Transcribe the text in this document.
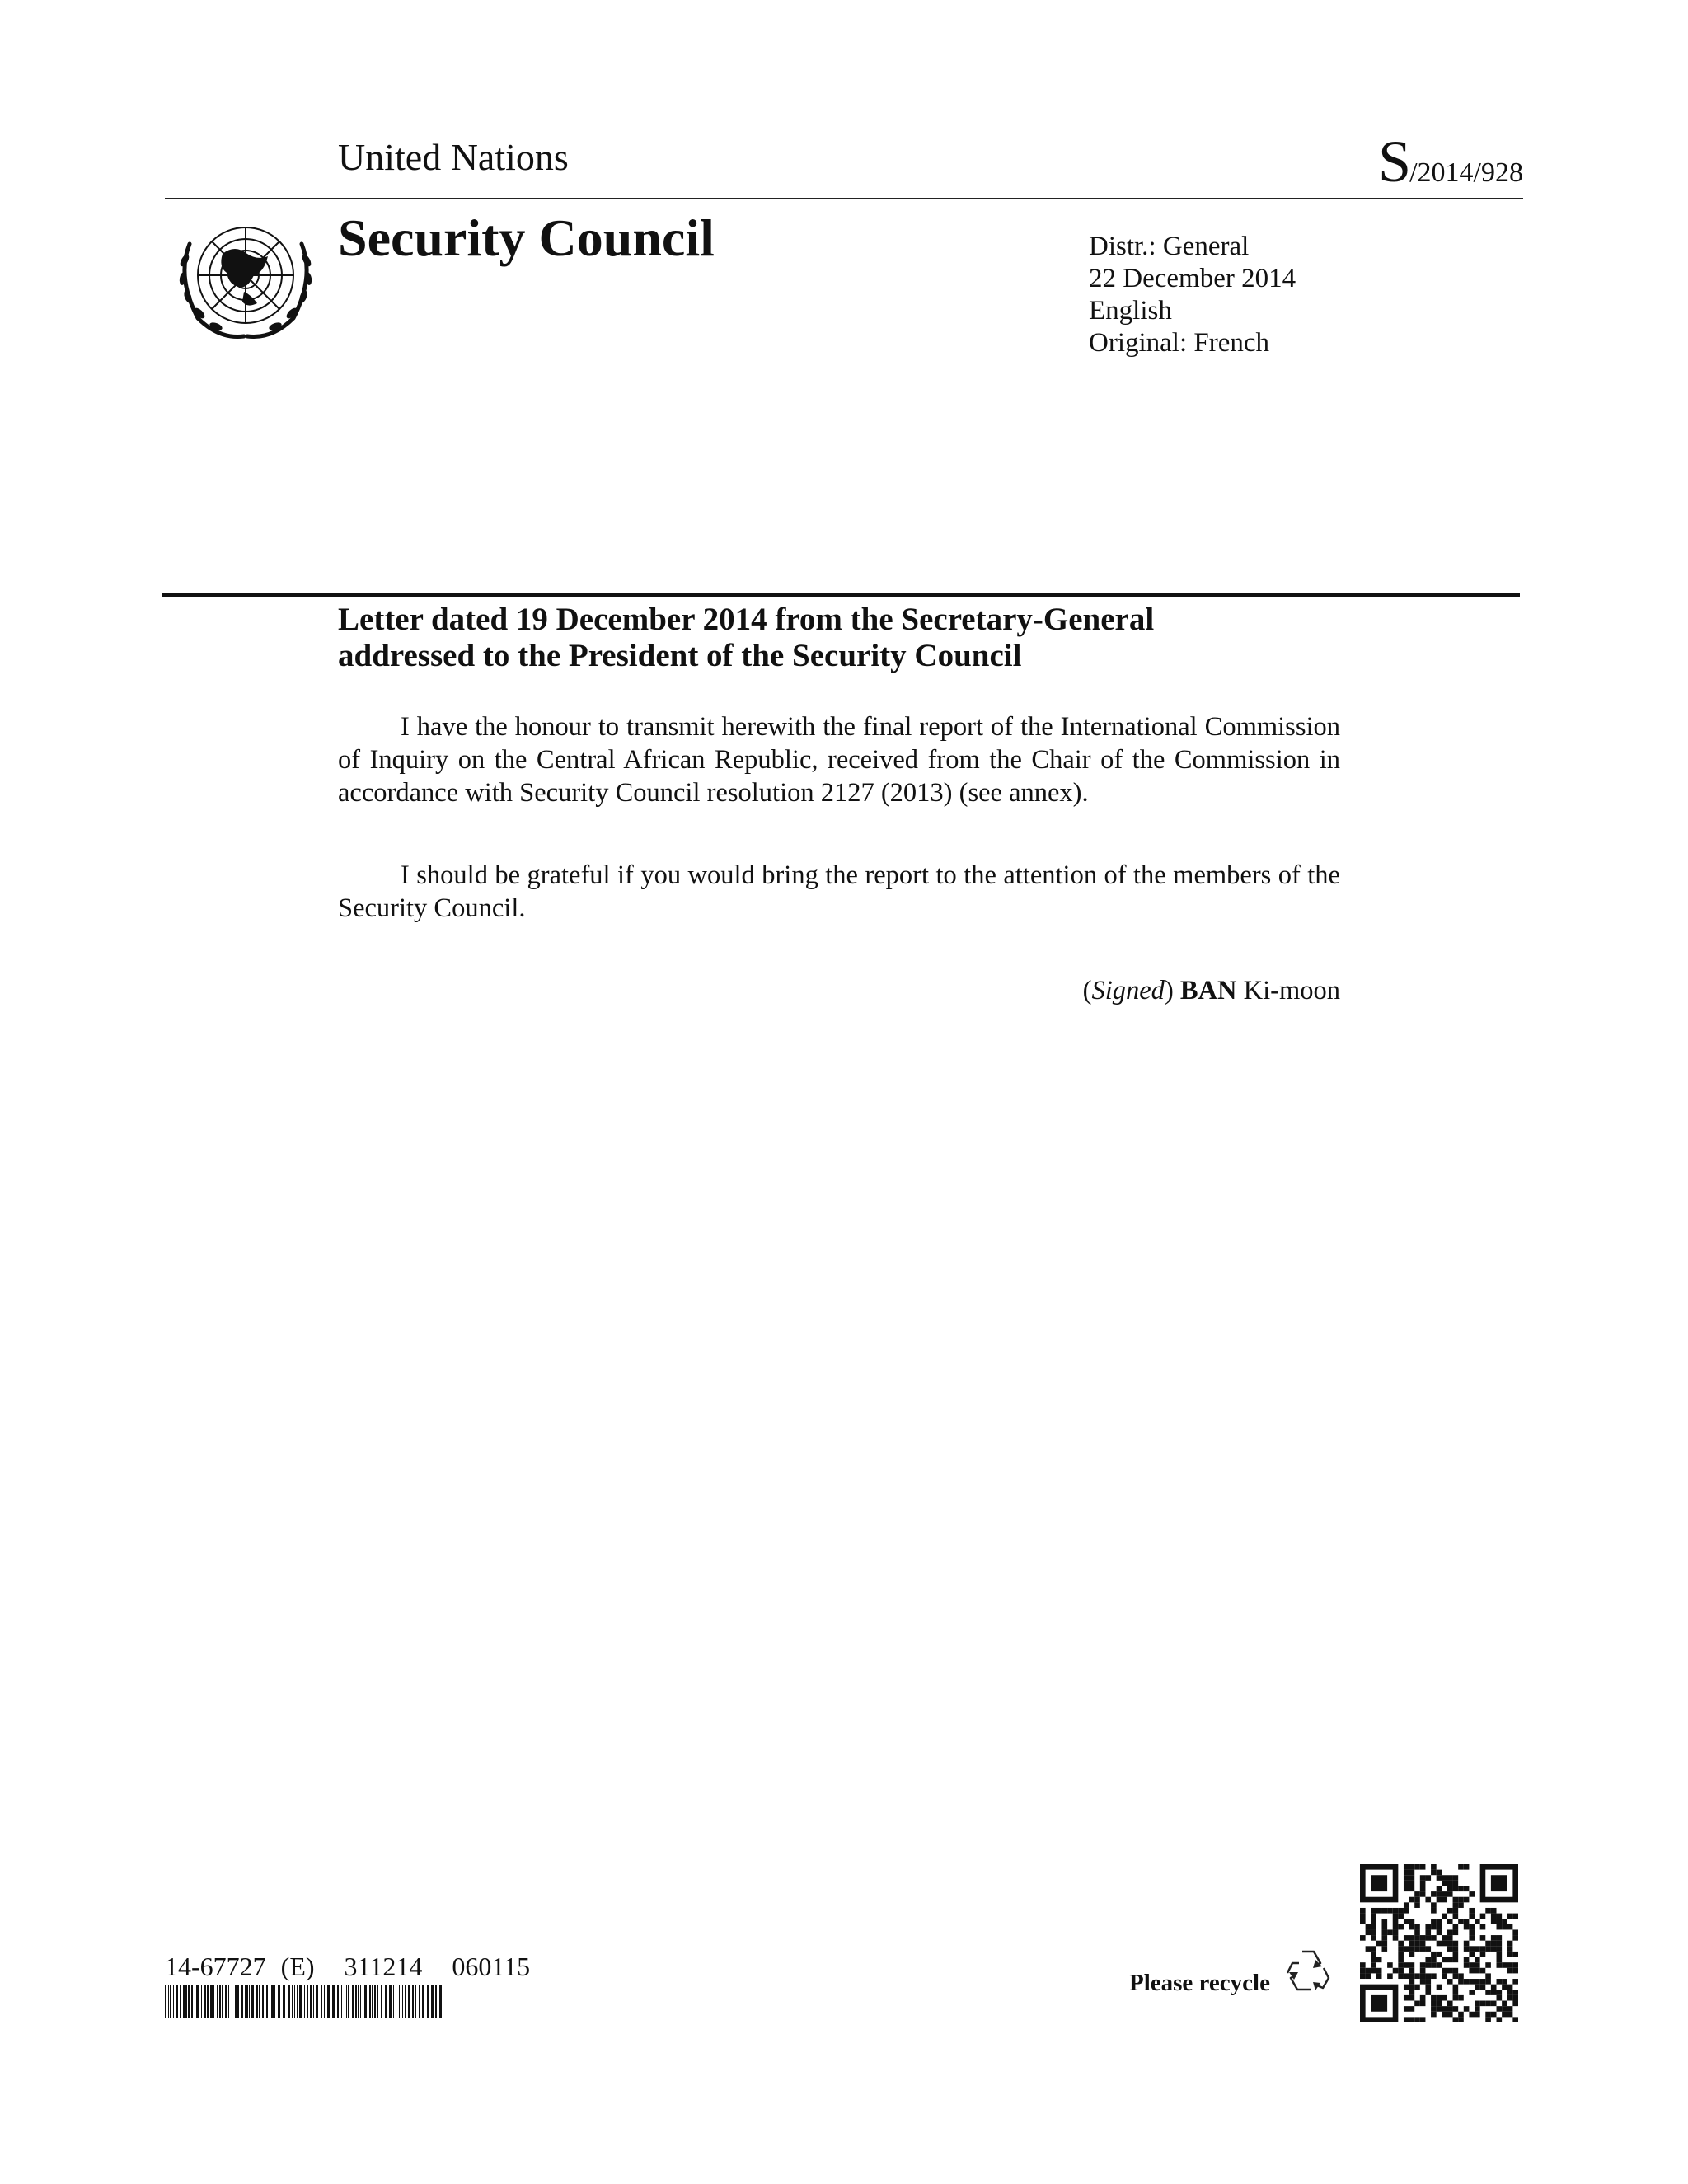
United Nations	S/2014/928
Security Council	Distr.: General
22 December 2014
English
Original: French
Letter dated 19 December 2014 from the Secretary-General
addressed to the President of the Security Council

I have the honour to transmit herewith the final report of the International Commission of Inquiry on the Central African Republic, received from the Chair of the Commission in accordance with Security Council resolution 2127 (2013) (see annex).

I should be grateful if you would bring the report to the attention of the members of the Security Council.

(Signed) BAN Ki-moon
14-67727 (E) 311214 060115
Please recycle
